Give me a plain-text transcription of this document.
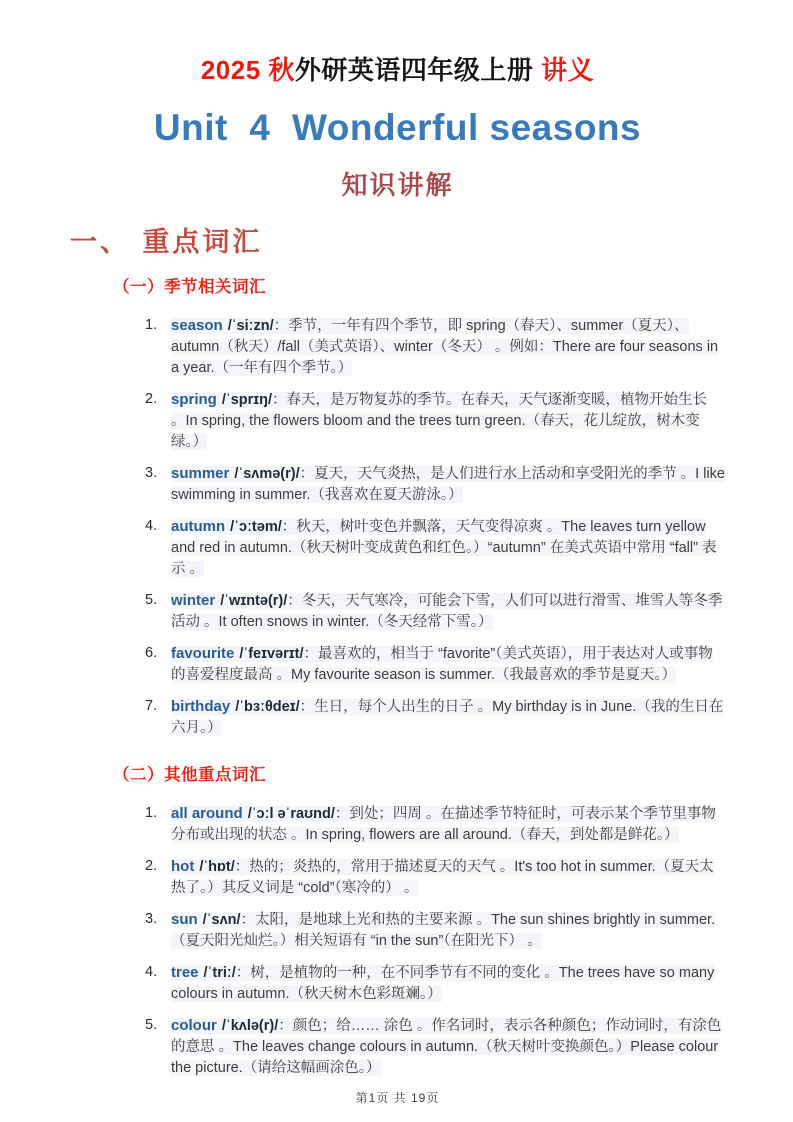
2025 秋外研英语四年级上册 讲义
Unit  4  Wonderful seasons
知识讲解
一、 重点词汇
（一）季节相关词汇
season /ˈsiːzn/：季节，一年有四个季节，即 spring（春天）、summer（夏天）、autumn（秋天）/fall（美式英语）、winter（冬天） 。例如：There are four seasons in a year.（一年有四个季节。）
spring /ˈsprɪŋ/：春天，是万物复苏的季节。在春天，天气逐渐变暖，植物开始生长 。In spring, the flowers bloom and the trees turn green.（春天，花儿绽放，树木变绿。）
summer /ˈsʌmə(r)/：夏天，天气炎热，是人们进行水上活动和享受阳光的季节 。I like swimming in summer.（我喜欢在夏天游泳。）
autumn /ˈɔːtəm/：秋天，树叶变色并飘落，天气变得凉爽 。The leaves turn yellow and red in autumn.（秋天树叶变成黄色和红色。）“autumn” 在美式英语中常用 “fall” 表示 。
winter /ˈwɪntə(r)/：冬天，天气寒冷，可能会下雪，人们可以进行滑雪、堆雪人等冬季活动 。It often snows in winter.（冬天经常下雪。）
favourite /ˈfeɪvərɪt/：最喜欢的，相当于 “favorite”（美式英语），用于表达对人或事物的喜爱程度最高 。My favourite season is summer.（我最喜欢的季节是夏天。）
birthday /ˈbɜːθdeɪ/：生日，每个人出生的日子 。My birthday is in June.（我的生日在六月。）
（二）其他重点词汇
all around /ˈɔːl əˈraʊnd/：到处；四周 。在描述季节特征时，可表示某个季节里事物分布或出现的状态 。In spring, flowers are all around.（春天，到处都是鲜花。）
hot /ˈhɒt/：热的；炎热的，常用于描述夏天的天气 。It's too hot in summer.（夏天太热了。）其反义词是 “cold”（寒冷的） 。
sun /ˈsʌn/：太阳，是地球上光和热的主要来源 。The sun shines brightly in summer.（夏天阳光灿烂。）相关短语有 “in the sun”（在阳光下） 。
tree /ˈtriː/：树，是植物的一种，在不同季节有不同的变化 。The trees have so many colours in autumn.（秋天树木色彩斑斓。）
colour /ˈkʌlə(r)/：颜色；给…… 涂色 。作名词时，表示各种颜色；作动词时，有涂色的意思 。The leaves change colours in autumn.（秋天树叶变换颜色。）Please colour the picture.（请给这幅画涂色。）
第1页 共 19页
